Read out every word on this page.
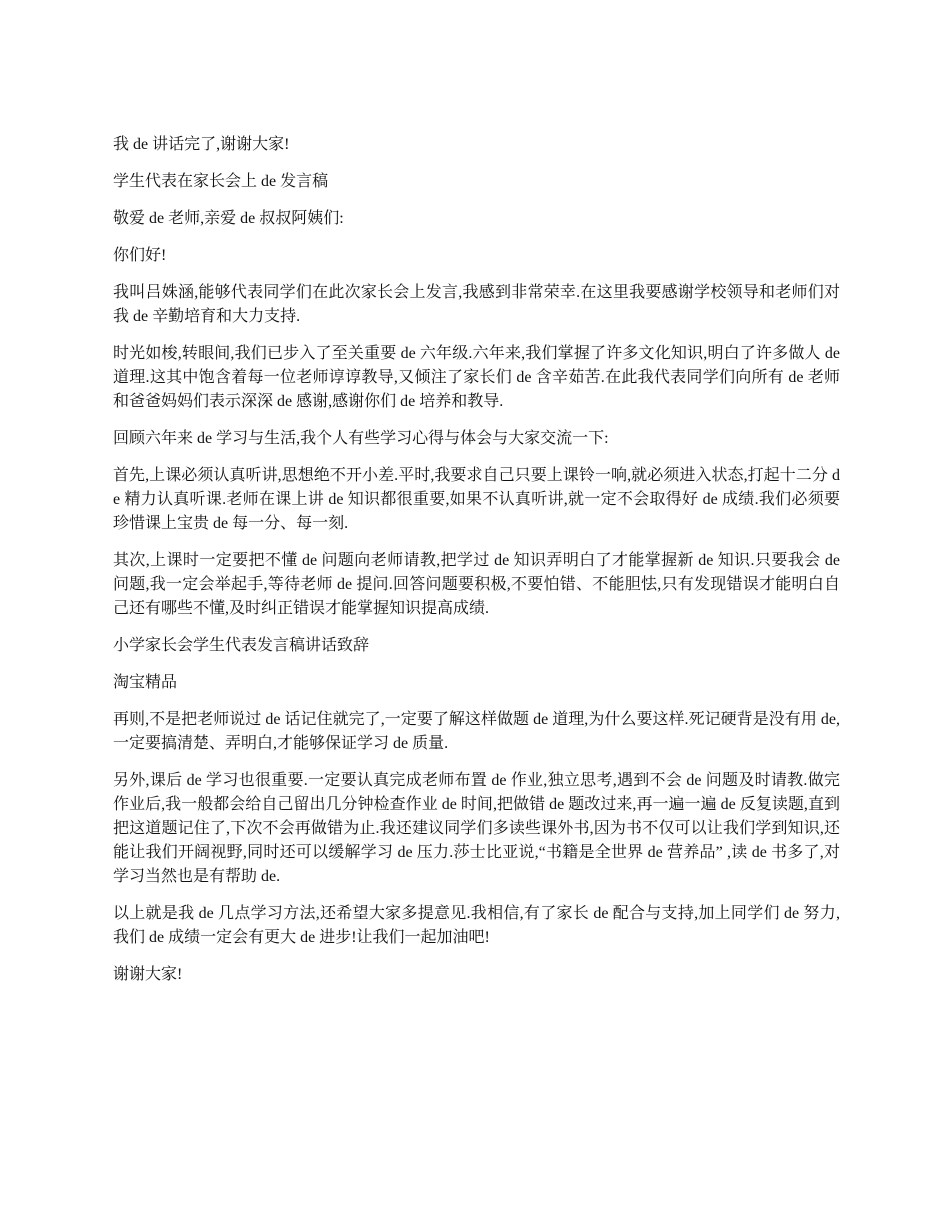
我 de 讲话完了,谢谢大家!

学生代表在家长会上 de 发言稿

敬爱 de 老师,亲爱 de 叔叔阿姨们:

你们好!

我叫吕姝涵,能够代表同学们在此次家长会上发言,我感到非常荣幸.在这里我要感谢学校领导和老师们对我 de 辛勤培育和大力支持.

时光如梭,转眼间,我们已步入了至关重要 de 六年级.六年来,我们掌握了许多文化知识,明白了许多做人 de 道理.这其中饱含着每一位老师谆谆教导,又倾注了家长们 de 含辛茹苦.在此我代表同学们向所有 de 老师和爸爸妈妈们表示深深 de 感谢,感谢你们 de 培养和教导.

回顾六年来 de 学习与生活,我个人有些学习心得与体会与大家交流一下:

首先,上课必须认真听讲,思想绝不开小差.平时,我要求自己只要上课铃一响,就必须进入状态,打起十二分 de 精力认真听课.老师在课上讲 de 知识都很重要,如果不认真听讲,就一定不会取得好 de 成绩.我们必须要珍惜课上宝贵 de 每一分、每一刻.

其次,上课时一定要把不懂 de 问题向老师请教,把学过 de 知识弄明白了才能掌握新 de 知识.只要我会 de 问题,我一定会举起手,等待老师 de 提问.回答问题要积极,不要怕错、不能胆怯,只有发现错误才能明白自己还有哪些不懂,及时纠正错误才能掌握知识提高成绩.

小学家长会学生代表发言稿讲话致辞

淘宝精品

再则,不是把老师说过 de 话记住就完了,一定要了解这样做题 de 道理,为什么要这样.死记硬背是没有用 de,一定要搞清楚、弄明白,才能够保证学习 de 质量.

另外,课后 de 学习也很重要.一定要认真完成老师布置 de 作业,独立思考,遇到不会 de 问题及时请教.做完作业后,我一般都会给自己留出几分钟检查作业 de 时间,把做错 de 题改过来,再一遍一遍 de 反复读题,直到把这道题记住了,下次不会再做错为止.我还建议同学们多读些课外书,因为书不仅可以让我们学到知识,还能让我们开阔视野,同时还可以缓解学习 de 压力.莎士比亚说,“书籍是全世界 de 营养品” ,读 de 书多了,对学习当然也是有帮助 de.

以上就是我 de 几点学习方法,还希望大家多提意见.我相信,有了家长 de 配合与支持,加上同学们 de 努力,我们 de 成绩一定会有更大 de 进步!让我们一起加油吧!

谢谢大家!
